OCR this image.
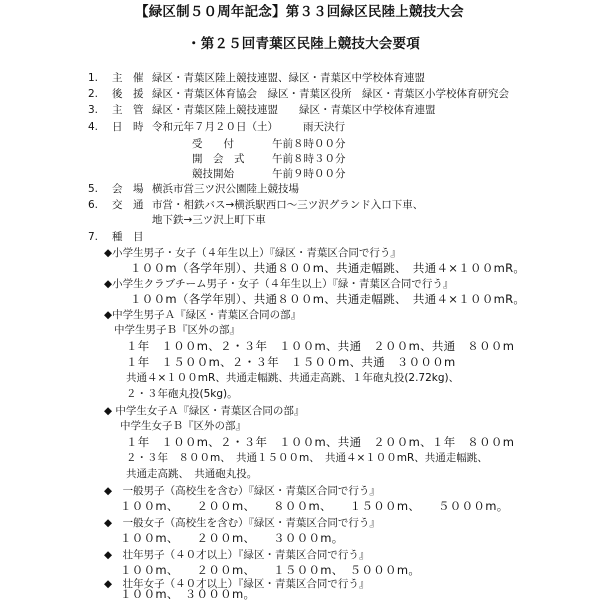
【緑区制５０周年記念】第３３回緑区民陸上競技大会
・第２５回青葉区民陸上競技大会要項
1. 主　催 緑区・青葉区陸上競技連盟、緑区・青葉区中学校体育連盟
2. 後　援 緑区・青葉区体育協会　緑区・青葉区役所　緑区・青葉区小学校体育研究会
3. 主　管 緑区・青葉区陸上競技連盟　　緑区・青葉区中学校体育連盟
4. 日　時 令和元年７月２０日（土） 雨天決行
受　　付	午前８時００分
開　会　式	午前８時３０分
競技開始	午前９時００分
5. 会　場 横浜市営三ツ沢公園陸上競技場
6. 交　通 市営・相鉄バス→横浜駅西口～三ツ沢グランド入口下車、
地下鉄→三ツ沢上町下車
7. 種　目
◆小学生男子・女子（４年生以上）『緑区・青葉区合同で行う』
１００m（各学年別）、共通８００m、共通走幅跳、　共通４×１００mR。
◆小学生クラブチーム男子・女子（４年生以上）『緑・青葉区合同で行う』
１００m（各学年別）、共通８００m、共通走幅跳、　共通４×１００mR。
◆中学生男子Ａ『緑区・青葉区合同の部』
中学生男子Ｂ『区外の部』
１年　１００m、２・３年　１００m、共通　２００m、共通　８００m
１年　１５００m、２・３年　１５００m、共通　３０００m
共通４×１００mR、共通走幅跳、共通走高跳、１年砲丸投(2.72kg)、
２・３年砲丸投(5kg)。
◆ 中学生女子Ａ『緑区・青葉区合同の部』
中学生女子Ｂ『区外の部』
１年　１００m、２・３年　１００m、共通　２００m、１年　８００m
２・３年　８００m、　共通１５００m、　共通４×１００mR、共通走幅跳、
共通走高跳、　共通砲丸投。
◆　一般男子（高校生を含む）『緑区・青葉区合同で行う』
１００m、　　２００m、　　８００m、　　１５００m、　　５０００m。
◆　一般女子（高校生を含む）『緑区・青葉区合同で行う』
１００m、　　２００m、　　３０００m。
◆　壮年男子（４０才以上）『緑区・青葉区合同で行う』
１００m、　　２００m、　　１５００m、　５０００m。
◆　壮年女子（４０才以上）『緑区・青葉区合同で行う』
１００m、　３０００m。
